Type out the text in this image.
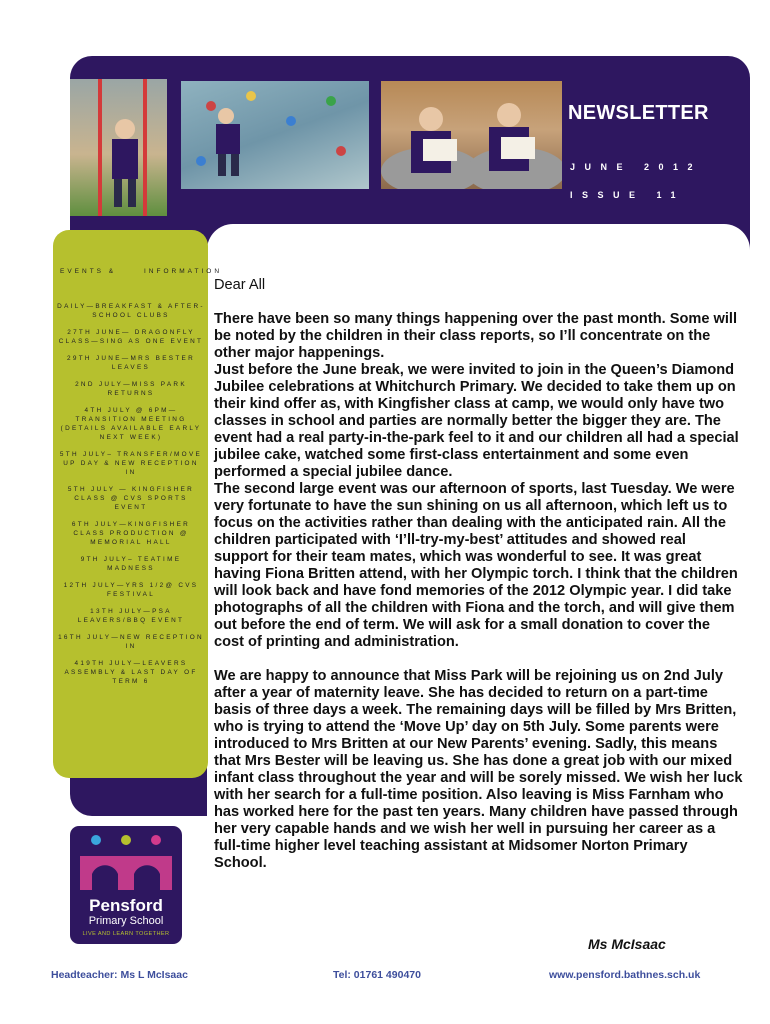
NEWSLETTER
JUNE 2012
ISSUE 11
EVENTS &	INFORMATION
DAILY—BREAKFAST & AFTER-SCHOOL CLUBS
27TH JUNE— DRAGONFLY CLASS—SING AS ONE EVENT
29TH JUNE—MRS BESTER LEAVES
2ND JULY—MISS PARK RETURNS
4TH JULY @ 6PM—TRANSITION MEETING (DETAILS AVAILABLE EARLY NEXT WEEK)
5TH JULY– TRANSFER/MOVE UP DAY & NEW RECEPTION IN
5TH JULY — KINGFISHER CLASS @ CVS SPORTS EVENT
6TH JULY—KINGFISHER CLASS PRODUCTION @ MEMORIAL HALL
9TH JULY– TEATIME MADNESS
12TH JULY—YRS 1/2@ CVS FESTIVAL
13TH JULY—PSA LEAVERS/BBQ EVENT
16TH JULY—NEW RECEPTION IN
419TH JULY—LEAVERS ASSEMBLY & LAST DAY OF TERM 6

Dear All

There have been so many things happening over the past month. Some will be noted by the children in their class reports, so I’ll concentrate on the other major happenings.

Just before the June break, we were invited to join in the Queen’s Diamond Jubilee celebrations at Whitchurch Primary. We decided to take them up on their kind offer as, with Kingfisher class at camp, we would only have two classes in school and parties are normally better the bigger they are. The event had a real party-in-the-park feel to it and our children all had a special jubilee cake, watched some first-class entertainment and some even performed a special jubilee dance.

The second large event was our afternoon of sports, last Tuesday. We were very fortunate to have the sun shining on us all afternoon, which left us to focus on the activities rather than dealing with the anticipated rain. All the children participated with ‘I’ll-try-my-best’ attitudes and showed real support for their team mates, which was wonderful to see. It was great having Fiona Britten attend, with her Olympic torch. I think that the children will look back and have fond memories of the 2012 Olympic year. I did take photographs of all the children with Fiona and the torch, and will give them out before the end of term. We will ask for a small donation to cover the cost of printing and administration.

We are happy to announce that Miss Park will be rejoining us on 2nd July after a year of maternity leave. She has decided to return on a part-time basis of three days a week. The remaining days will be filled by Mrs Britten, who is trying to attend the ‘Move Up’ day on 5th July. Some parents were introduced to Mrs Britten at our New Parents’ evening. Sadly, this means that Mrs Bester will be leaving us. She has done a great job with our mixed infant class throughout the year and will be sorely missed. We wish her luck with her search for a full-time position. Also leaving is Miss Farnham who has worked here for the past ten years. Many children have passed through her very capable hands and we wish her well in pursuing her career as a full-time higher level teaching assistant at Midsomer Norton Primary School.

Ms McIsaac
Pensford
Primary School
LIVE AND LEARN TOGETHER
Headteacher: Ms L McIsaac	Tel: 01761 490470	www.pensford.bathnes.sch.uk
